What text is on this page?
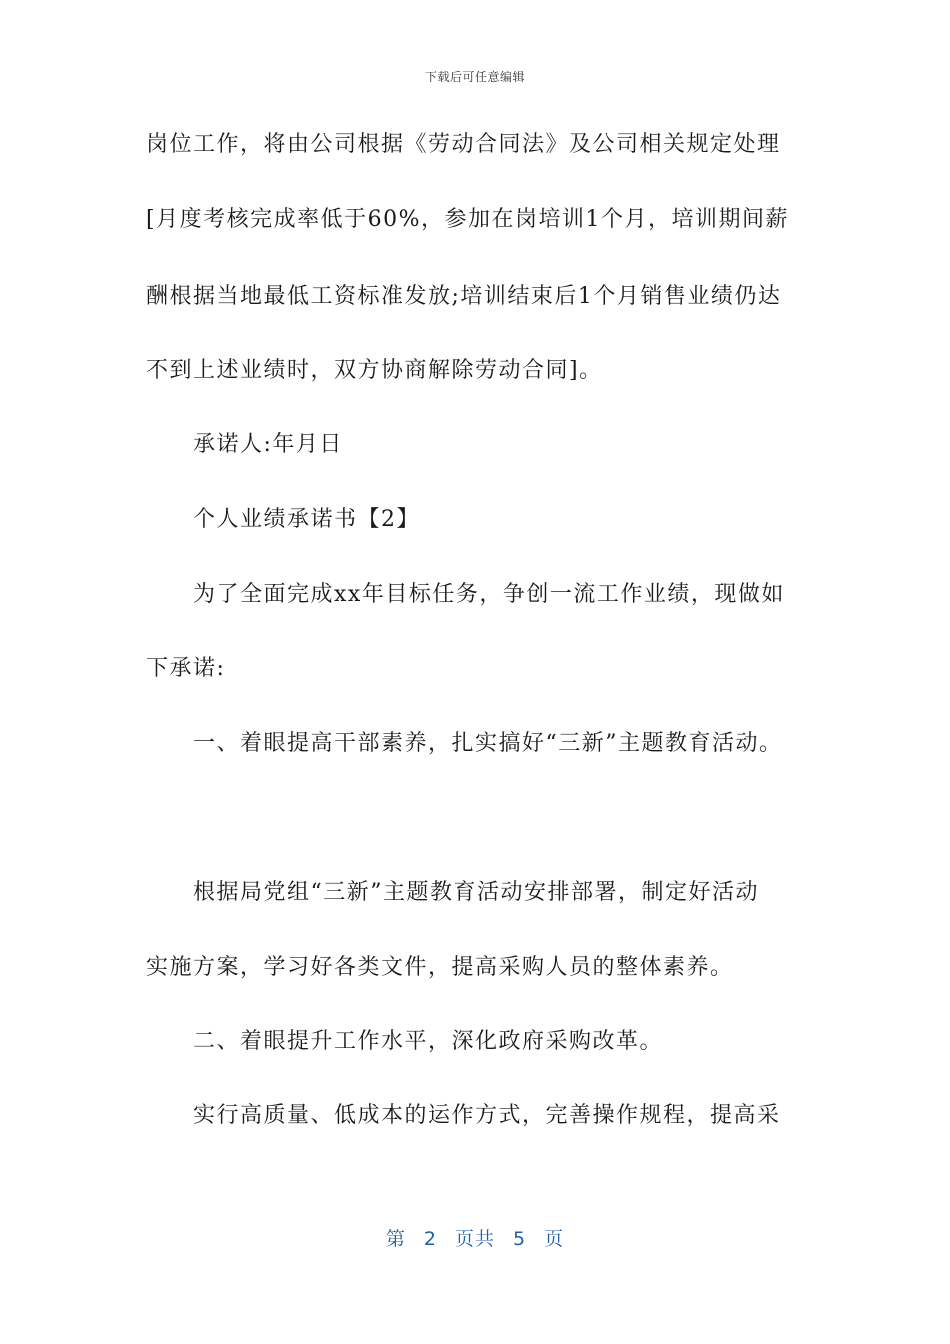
下载后可任意编辑
岗位工作，将由公司根据《劳动合同法》及公司相关规定处理
[月度考核完成率低于60%，参加在岗培训1个月，培训期间薪
酬根据当地最低工资标准发放;培训结束后1个月销售业绩仍达
不到上述业绩时，双方协商解除劳动合同]。
承诺人:年月日
个人业绩承诺书【2】
为了全面完成xx年目标任务，争创一流工作业绩，现做如
下承诺:
一、着眼提高干部素养，扎实搞好“三新”主题教育活动。
根据局党组“三新”主题教育活动安排部署，制定好活动
实施方案，学习好各类文件，提高采购人员的整体素养。
二、着眼提升工作水平，深化政府采购改革。
实行高质量、低成本的运作方式，完善操作规程，提高采
第 2 页共 5 页
